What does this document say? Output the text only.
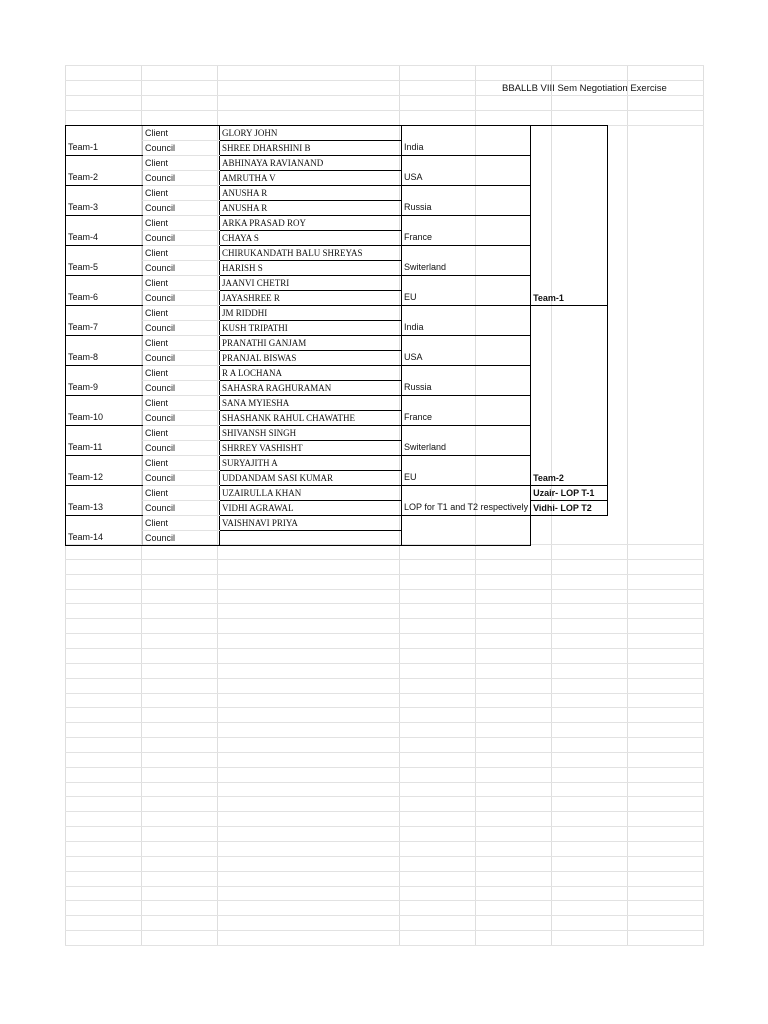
BBALLB VIII Sem Negotiation Exercise
Team-1	Client	GLORY JOHN	India	Team-1
	Council	SHREE DHARSHINI B		
Team-2	Client	ABHINAYA RAVIANAND	USA	
	Council	AMRUTHA V		
Team-3	Client	ANUSHA R	Russia	
	Council	ANUSHA R		
Team-4	Client	ARKA PRASAD ROY	France	
	Council	CHAYA S		
Team-5	Client	CHIRUKANDATH BALU SHREYAS	Switerland	
	Council	HARISH S		
Team-6	Client	JAANVI CHETRI	EU	
	Council	JAYASHREE R		
Team-7	Client	JM RIDDHI	India	Team-2
	Council	KUSH TRIPATHI		
Team-8	Client	PRANATHI GANJAM	USA	
	Council	PRANJAL BISWAS		
Team-9	Client	R A LOCHANA	Russia	
	Council	SAHASRA RAGHURAMAN		
Team-10	Client	SANA MYIESHA	France	
	Council	SHASHANK RAHUL CHAWATHE		
Team-11	Client	SHIVANSH SINGH	Switerland	
	Council	SHRREY VASHISHT		
Team-12	Client	SURYAJITH A	EU	
	Council	UDDANDAM SASI KUMAR		
Team-13	Client	UZAIRULLA KHAN	LOP for T1 and T2 respectively	Uzair- LOP T-1
	Council	VIDHI AGRAWAL		Vidhi- LOP T2
Team-14	Client	VAISHNAVI PRIYA		
	Council			
